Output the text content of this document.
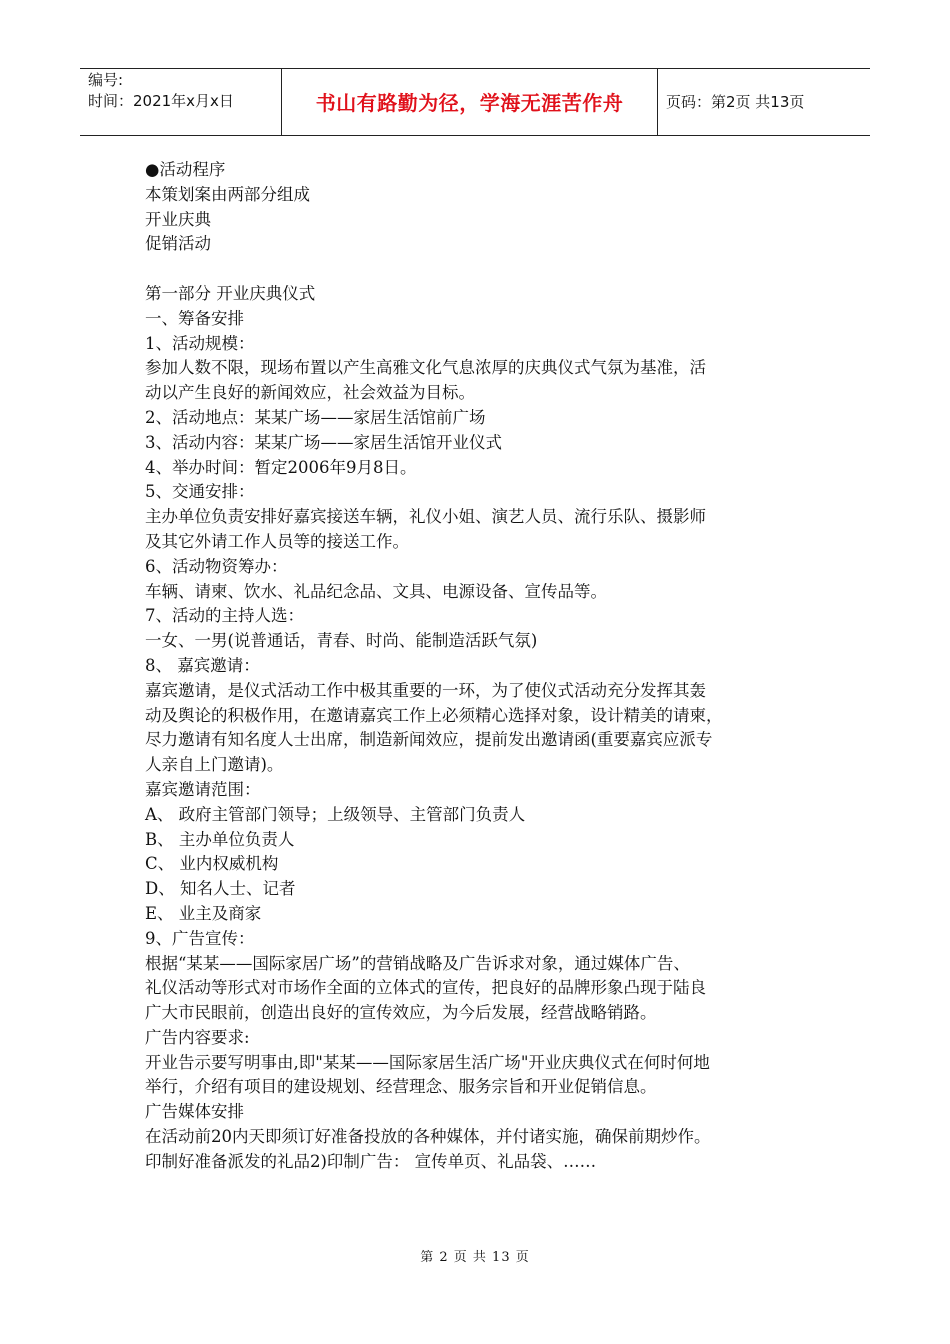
编号:
时间：2021年x月x日	书山有路勤为径，学海无涯苦作舟	页码：第2页 共13页

●活动程序

本策划案由两部分组成

开业庆典

促销活动

第一部分 开业庆典仪式

一、筹备安排

1、活动规模：

参加人数不限，现场布置以产生高雅文化气息浓厚的庆典仪式气氛为基准，活

动以产生良好的新闻效应，社会效益为目标。

2、活动地点：某某广场——家居生活馆前广场

3、活动内容：某某广场——家居生活馆开业仪式

4、举办时间：暂定2006年9月8日。

5、交通安排：

主办单位负责安排好嘉宾接送车辆，礼仪小姐、演艺人员、流行乐队、摄影师

及其它外请工作人员等的接送工作。

6、活动物资筹办：

车辆、请柬、饮水、礼品纪念品、文具、电源设备、宣传品等。

7、活动的主持人选：

一女、一男(说普通话，青春、时尚、能制造活跃气氛)

8、 嘉宾邀请：

嘉宾邀请，是仪式活动工作中极其重要的一环，为了使仪式活动充分发挥其轰

动及舆论的积极作用，在邀请嘉宾工作上必须精心选择对象，设计精美的请柬，

尽力邀请有知名度人士出席，制造新闻效应，提前发出邀请函(重要嘉宾应派专

人亲自上门邀请)。

嘉宾邀请范围：

A、 政府主管部门领导；上级领导、主管部门负责人

B、 主办单位负责人

C、 业内权威机构

D、 知名人士、记者

E、 业主及商家

9、广告宣传：

根据“某某——国际家居广场”的营销战略及广告诉求对象，通过媒体广告、

礼仪活动等形式对市场作全面的立体式的宣传，把良好的品牌形象凸现于陆良

广大市民眼前，创造出良好的宣传效应，为今后发展，经营战略销路。

广告内容要求:

开业告示要写明事由,即"某某——国际家居生活广场"开业庆典仪式在何时何地

举行，介绍有项目的建设规划、经营理念、服务宗旨和开业促销信息。

广告媒体安排

在活动前20内天即须订好准备投放的各种媒体，并付诸实施，确保前期炒作。

印制好准备派发的礼品2)印制广告： 宣传单页、礼品袋、……

第 2 页 共 13 页
